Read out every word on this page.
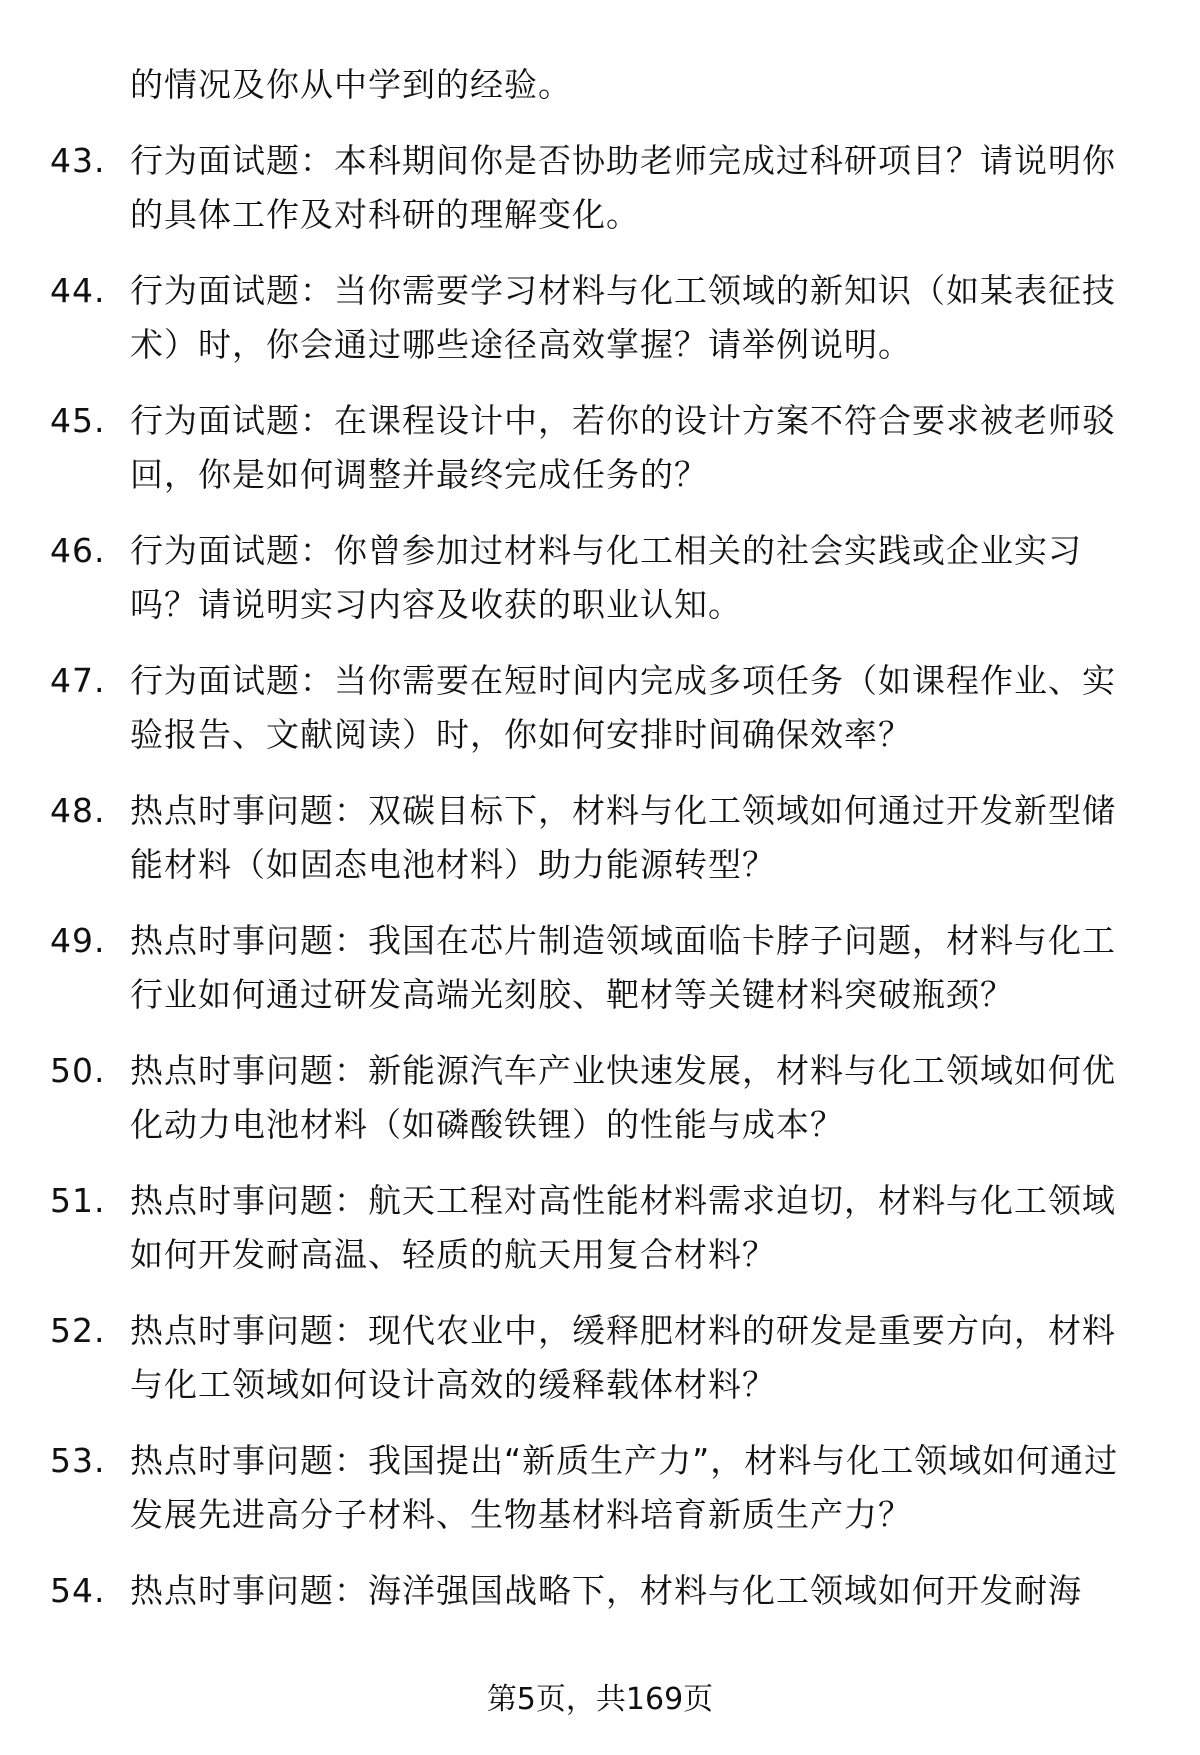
的情况及你从中学到的经验。
43. 行为面试题：本科期间你是否协助老师完成过科研项目？请说明你的具体工作及对科研的理解变化。
44. 行为面试题：当你需要学习材料与化工领域的新知识（如某表征技术）时，你会通过哪些途径高效掌握？请举例说明。
45. 行为面试题：在课程设计中，若你的设计方案不符合要求被老师驳回，你是如何调整并最终完成任务的？
46. 行为面试题：你曾参加过材料与化工相关的社会实践或企业实习吗？请说明实习内容及收获的职业认知。
47. 行为面试题：当你需要在短时间内完成多项任务（如课程作业、实验报告、文献阅读）时，你如何安排时间确保效率？
48. 热点时事问题：双碳目标下，材料与化工领域如何通过开发新型储能材料（如固态电池材料）助力能源转型？
49. 热点时事问题：我国在芯片制造领域面临卡脖子问题，材料与化工行业如何通过研发高端光刻胶、靶材等关键材料突破瓶颈？
50. 热点时事问题：新能源汽车产业快速发展，材料与化工领域如何优化动力电池材料（如磷酸铁锂）的性能与成本？
51. 热点时事问题：航天工程对高性能材料需求迫切，材料与化工领域如何开发耐高温、轻质的航天用复合材料？
52. 热点时事问题：现代农业中，缓释肥材料的研发是重要方向，材料与化工领域如何设计高效的缓释载体材料？
53. 热点时事问题：我国提出“新质生产力”，材料与化工领域如何通过发展先进高分子材料、生物基材料培育新质生产力？
54. 热点时事问题：海洋强国战略下，材料与化工领域如何开发耐海
第5页，共169页
